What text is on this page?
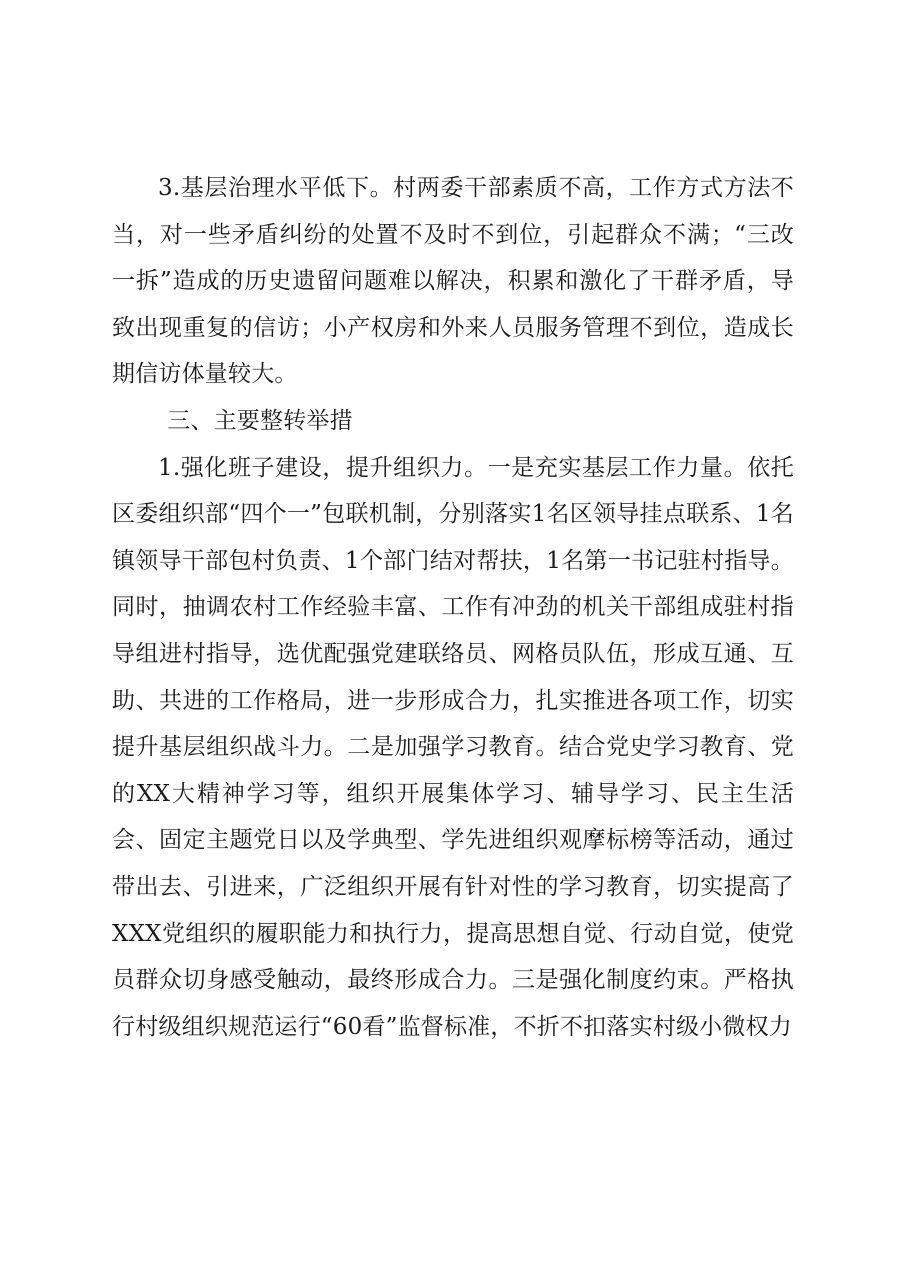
3.基层治理水平低下。村两委干部素质不高，工作方式方法不当，对一些矛盾纠纷的处置不及时不到位，引起群众不满；“三改一拆”造成的历史遗留问题难以解决，积累和激化了干群矛盾，导致出现重复的信访；小产权房和外来人员服务管理不到位，造成长期信访体量较大。

三、主要整转举措

1.强化班子建设，提升组织力。一是充实基层工作力量。依托区委组织部“四个一”包联机制，分别落实1名区领导挂点联系、1名镇领导干部包村负责、1个部门结对帮扶，1名第一书记驻村指导。同时，抽调农村工作经验丰富、工作有冲劲的机关干部组成驻村指导组进村指导，选优配强党建联络员、网格员队伍，形成互通、互助、共进的工作格局，进一步形成合力，扎实推进各项工作，切实提升基层组织战斗力。二是加强学习教育。结合党史学习教育、党的XX大精神学习等，组织开展集体学习、辅导学习、民主生活会、固定主题党日以及学典型、学先进组织观摩标榜等活动，通过带出去、引进来，广泛组织开展有针对性的学习教育，切实提高了XXX党组织的履职能力和执行力，提高思想自觉、行动自觉，使党员群众切身感受触动，最终形成合力。三是强化制度约束。严格执行村级组织规范运行“60看”监督标准，不折不扣落实村级小微权力
